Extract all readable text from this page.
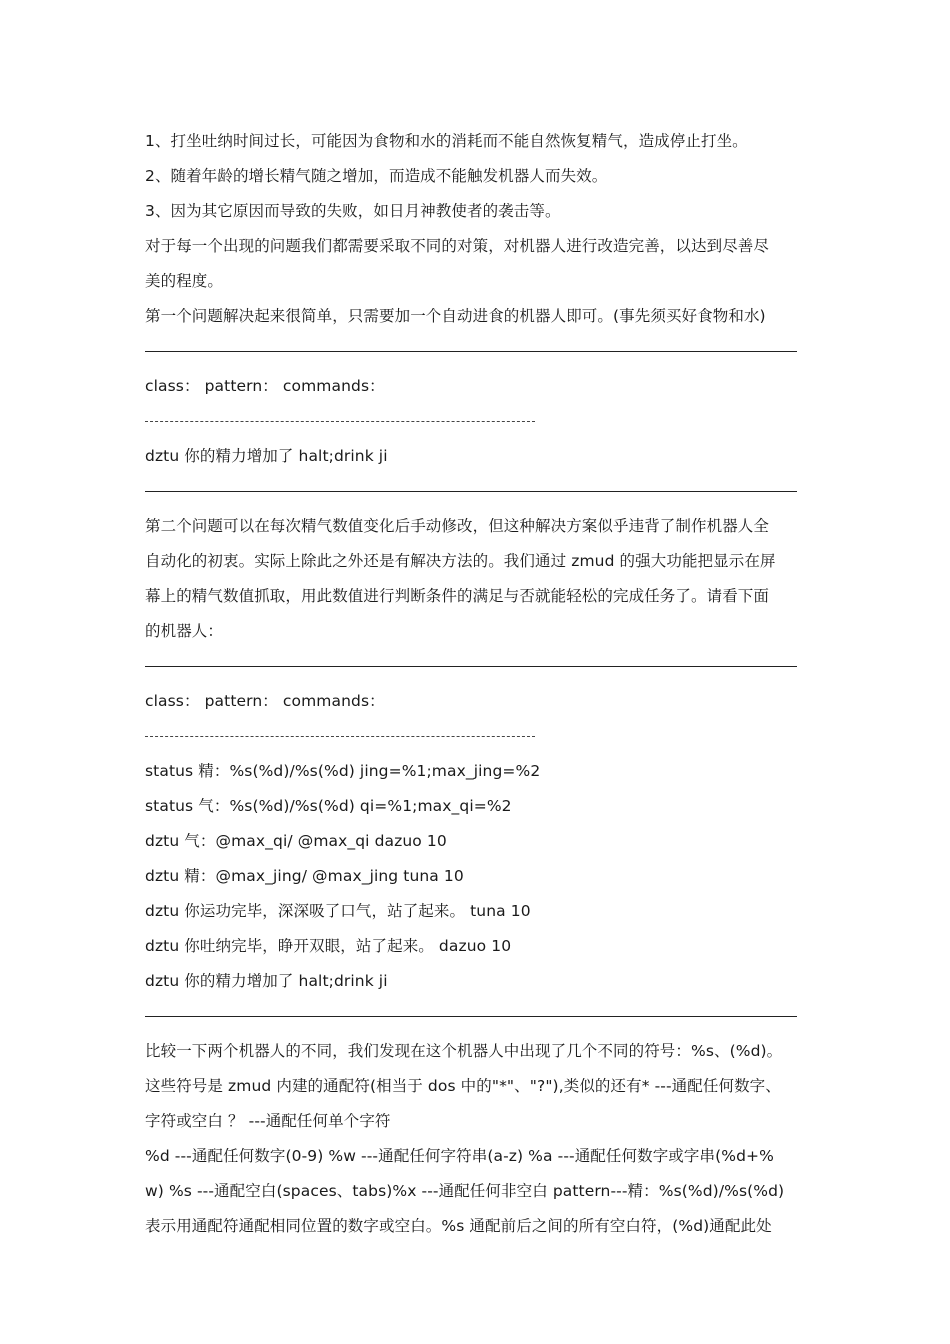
1、打坐吐纳时间过长，可能因为食物和水的消耗而不能自然恢复精气，造成停止打坐。
2、随着年龄的增长精气随之增加，而造成不能触发机器人而失效。
3、因为其它原因而导致的失败，如日月神教使者的袭击等。
对于每一个出现的问题我们都需要采取不同的对策，对机器人进行改造完善，以达到尽善尽
美的程度。
第一个问题解决起来很简单，只需要加一个自动进食的机器人即可。(事先须买好食物和水)
class： pattern： commands：
dztu 你的精力增加了 halt;drink ji
第二个问题可以在每次精气数值变化后手动修改，但这种解决方案似乎违背了制作机器人全
自动化的初衷。实际上除此之外还是有解决方法的。我们通过 zmud 的强大功能把显示在屏
幕上的精气数值抓取，用此数值进行判断条件的满足与否就能轻松的完成任务了。请看下面
的机器人：
class： pattern： commands：
status 精：%s(%d)/%s(%d) jing=%1;max_jing=%2
status 气：%s(%d)/%s(%d) qi=%1;max_qi=%2
dztu 气：@max_qi/ @max_qi dazuo 10
dztu 精：@max_jing/ @max_jing tuna 10
dztu 你运功完毕，深深吸了口气，站了起来。 tuna 10
dztu 你吐纳完毕，睁开双眼，站了起来。 dazuo 10
dztu 你的精力增加了 halt;drink ji
比较一下两个机器人的不同，我们发现在这个机器人中出现了几个不同的符号：%s、(%d)。
这些符号是 zmud 内建的通配符(相当于 dos 中的"*"、"?"),类似的还有* ---通配任何数字、
字符或空白 ？ ---通配任何单个字符
%d ---通配任何数字(0-9) %w ---通配任何字符串(a-z) %a ---通配任何数字或字串(%d+%
w) %s ---通配空白(spaces、tabs)%x ---通配任何非空白 pattern---精：%s(%d)/%s(%d)
表示用通配符通配相同位置的数字或空白。%s 通配前后之间的所有空白符，(%d)通配此处
